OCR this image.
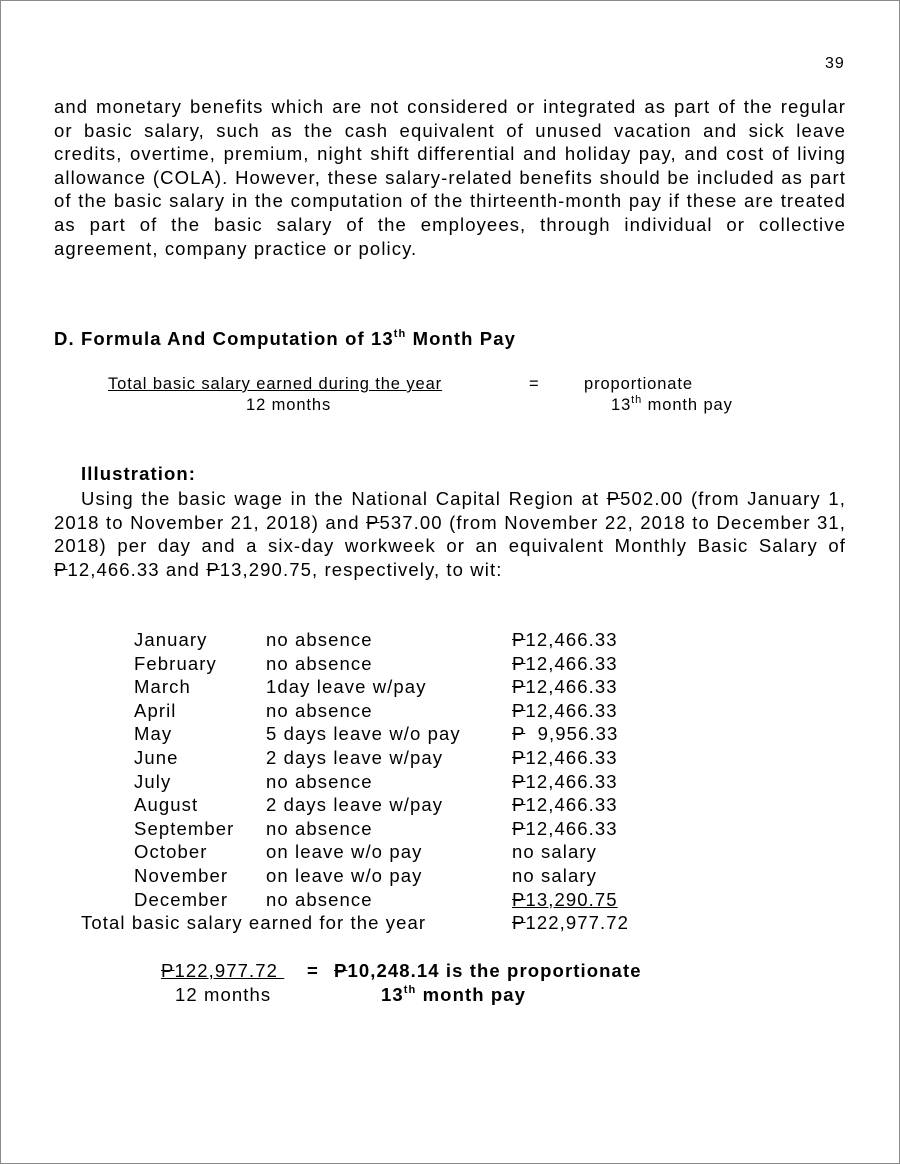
39

and monetary benefits which are not considered or integrated as part of the regular or basic salary, such as the cash equivalent of unused vacation and sick leave credits, overtime, premium, night shift differential and holiday pay, and cost of living allowance (COLA). However, these salary-related benefits should be included as part of the basic salary in the computation of the thirteenth-month pay if these are treated as part of the basic salary of the employees, through individual or collective agreement, company practice or policy.

D. Formula And Computation of 13th Month Pay
Total basic salary earned during the year
12 months
=	proportionate
13th month pay
Illustration:

Using the basic wage in the National Capital Region at P502.00 (from January 1, 2018 to November 21, 2018) and P537.00 (from November 22, 2018 to December 31, 2018) per day and a six-day workweek or an equivalent Monthly Basic Salary of P12,466.33 and P13,290.75, respectively, to wit:

January	no absence	P12,466.33
February	no absence	P12,466.33
March	1day leave w/pay	P12,466.33
April	no absence	P12,466.33
May	5 days leave w/o pay	P  9,956.33
June	2 days leave w/pay	P12,466.33
July	no absence	P12,466.33
August	2 days leave w/pay	P12,466.33
September no absence	P12,466.33
October	on leave w/o pay	no salary
November on leave w/o pay	no salary
December no absence	P13,290.75
Total basic salary earned for the year	P122,977.72
P122,977.72 = P10,248.14 is the proportionate
12 months	13th month pay
